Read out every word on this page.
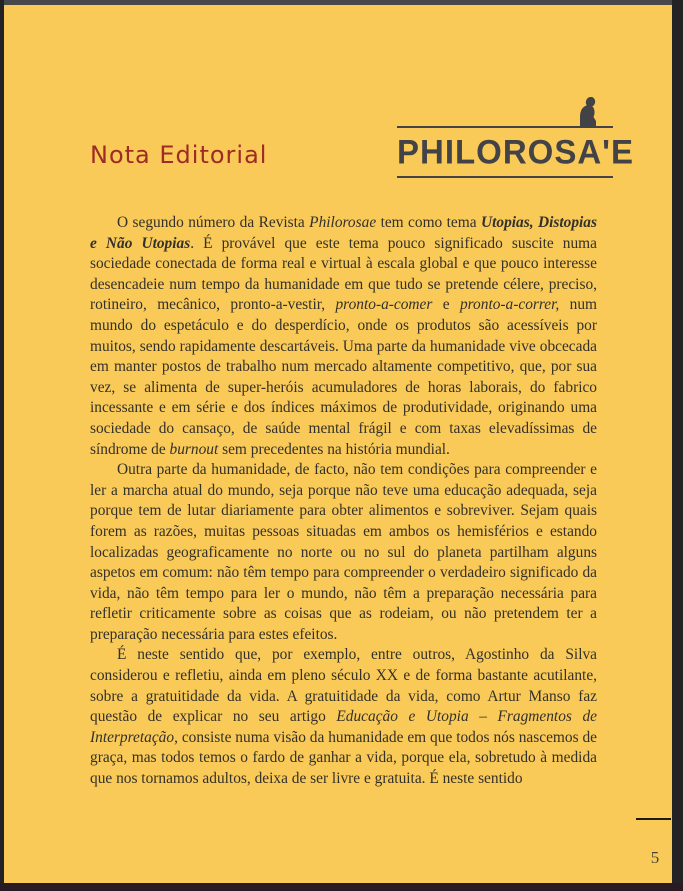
Nota Editorial	PHILOROSA'E

O segundo número da Revista Philorosae tem como tema Utopias, Distopias e Não Utopias. É provável que este tema pouco significado suscite numa sociedade conectada de forma real e virtual à escala global e que pouco interesse desencadeie num tempo da humanidade em que tudo se pretende célere, preciso, rotineiro, mecânico, pronto-a-vestir, pronto-a-comer e pronto-a-correr, num mundo do espetáculo e do desperdício, onde os produtos são acessíveis por muitos, sendo rapidamente descartáveis. Uma parte da humanidade vive obcecada em manter postos de trabalho num mercado altamente competitivo, que, por sua vez, se alimenta de super-heróis acumuladores de horas laborais, do fabrico incessante e em série e dos índices máximos de produtividade, originando uma sociedade do cansaço, de saúde mental frágil e com taxas elevadíssimas de síndrome de burnout sem precedentes na história mundial.

Outra parte da humanidade, de facto, não tem condições para compreender e ler a marcha atual do mundo, seja porque não teve uma educação adequada, seja porque tem de lutar diariamente para obter alimentos e sobreviver. Sejam quais forem as razões, muitas pessoas situadas em ambos os hemisférios e estando localizadas geograficamente no norte ou no sul do planeta partilham alguns aspetos em comum: não têm tempo para compreender o verdadeiro significado da vida, não têm tempo para ler o mundo, não têm a preparação necessária para refletir criticamente sobre as coisas que as rodeiam, ou não pretendem ter a preparação necessária para estes efeitos.

É neste sentido que, por exemplo, entre outros, Agostinho da Silva considerou e refletiu, ainda em pleno século XX e de forma bastante acutilante, sobre a gratuitidade da vida. A gratuitidade da vida, como Artur Manso faz questão de explicar no seu artigo Educação e Utopia – Fragmentos de Interpretação, consiste numa visão da humanidade em que todos nós nascemos de graça, mas todos temos o fardo de ganhar a vida, porque ela, sobretudo à medida que nos tornamos adultos, deixa de ser livre e gratuita. É neste sentido

5
